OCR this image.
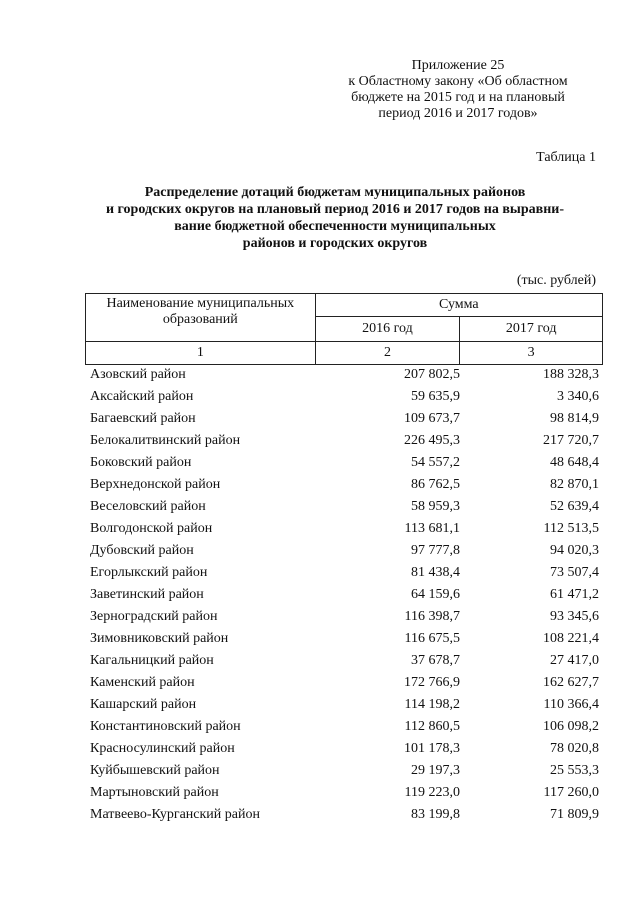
Приложение 25
к Областному закону «Об областном
бюджете на 2015 год и на плановый
период 2016 и 2017 годов»
Таблица 1
Распределение дотаций бюджетам муниципальных районов
и городских округов на плановый период 2016 и 2017 годов на выравни-
вание бюджетной обеспеченности муниципальных
районов и городских округов
(тыс. рублей)
Наименование муниципальных образований	Сумма	
	2016 год	2017 год
1	2	3
Азовский район	207 802,5	188 328,3
Аксайский район	59 635,9	3 340,6
Багаевский район	109 673,7	98 814,9
Белокалитвинский район	226 495,3	217 720,7
Боковский район	54 557,2	48 648,4
Верхнедонской район	86 762,5	82 870,1
Веселовский район	58 959,3	52 639,4
Волгодонской район	113 681,1	112 513,5
Дубовский район	97 777,8	94 020,3
Егорлыкский район	81 438,4	73 507,4
Заветинский район	64 159,6	61 471,2
Зерноградский район	116 398,7	93 345,6
Зимовниковский район	116 675,5	108 221,4
Кагальницкий район	37 678,7	27 417,0
Каменский район	172 766,9	162 627,7
Кашарский район	114 198,2	110 366,4
Константиновский район	112 860,5	106 098,2
Красносулинский район	101 178,3	78 020,8
Куйбышевский район	29 197,3	25 553,3
Мартыновский район	119 223,0	117 260,0
Матвеево-Курганский район	83 199,8	71 809,9
